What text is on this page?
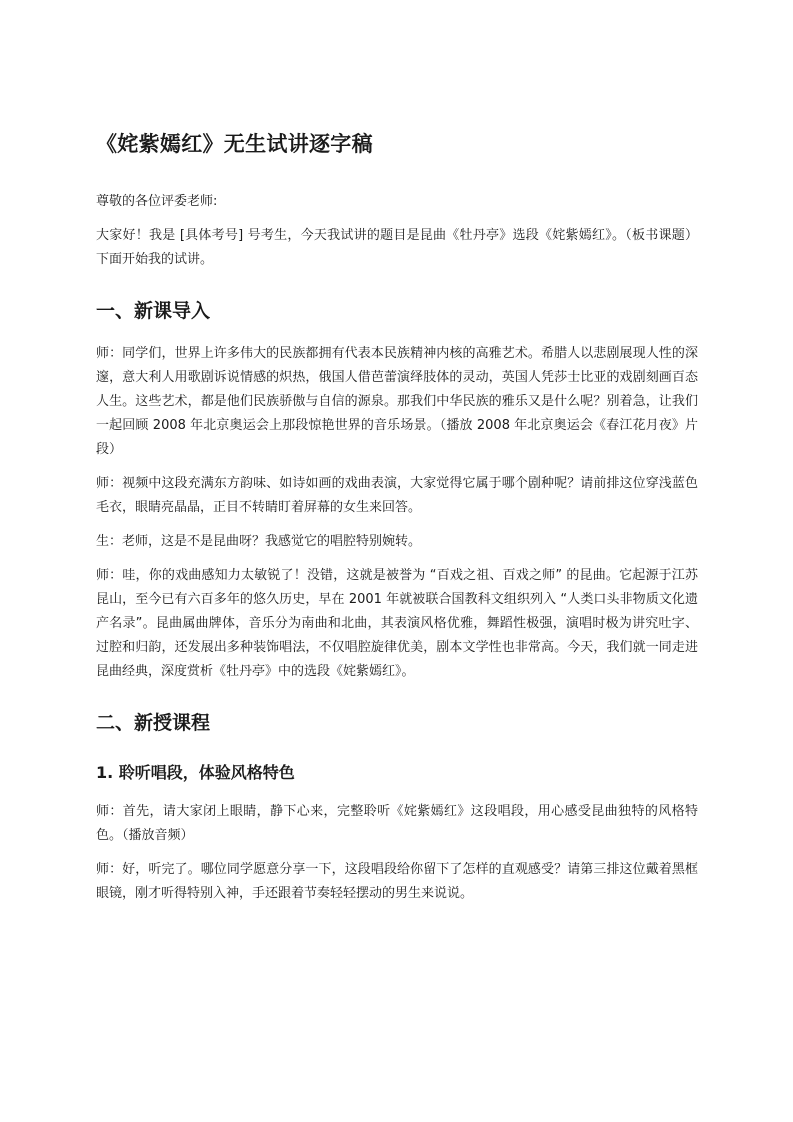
《姹紫嫣红》无生试讲逐字稿

尊敬的各位评委老师:

大家好！我是 [具体考号] 号考生，今天我试讲的题目是昆曲《牡丹亭》选段《姹紫嫣红》。（板书课题）下面开始我的试讲。

一、新课导入

师：同学们，世界上许多伟大的民族都拥有代表本民族精神内核的高雅艺术。希腊人以悲剧展现人性的深邃，意大利人用歌剧诉说情感的炽热，俄国人借芭蕾演绎肢体的灵动，英国人凭莎士比亚的戏剧刻画百态人生。这些艺术，都是他们民族骄傲与自信的源泉。那我们中华民族的雅乐又是什么呢？别着急，让我们一起回顾 2008 年北京奥运会上那段惊艳世界的音乐场景。（播放 2008 年北京奥运会《春江花月夜》片段）

师：视频中这段充满东方韵味、如诗如画的戏曲表演，大家觉得它属于哪个剧种呢？请前排这位穿浅蓝色毛衣，眼睛亮晶晶，正目不转睛盯着屏幕的女生来回答。

生：老师，这是不是昆曲呀？我感觉它的唱腔特别婉转。

师：哇，你的戏曲感知力太敏锐了！没错，这就是被誉为 “百戏之祖、百戏之师” 的昆曲。它起源于江苏昆山，至今已有六百多年的悠久历史，早在 2001 年就被联合国教科文组织列入 “人类口头非物质文化遗产名录”。昆曲属曲牌体，音乐分为南曲和北曲，其表演风格优雅，舞蹈性极强，演唱时极为讲究吐字、过腔和归韵，还发展出多种装饰唱法，不仅唱腔旋律优美，剧本文学性也非常高。今天，我们就一同走进昆曲经典，深度赏析《牡丹亭》中的选段《姹紫嫣红》。

二、新授课程
1. 聆听唱段，体验风格特色

师：首先，请大家闭上眼睛，静下心来，完整聆听《姹紫嫣红》这段唱段，用心感受昆曲独特的风格特色。（播放音频）

师：好，听完了。哪位同学愿意分享一下，这段唱段给你留下了怎样的直观感受？请第三排这位戴着黑框眼镜，刚才听得特别入神，手还跟着节奏轻轻摆动的男生来说说。
